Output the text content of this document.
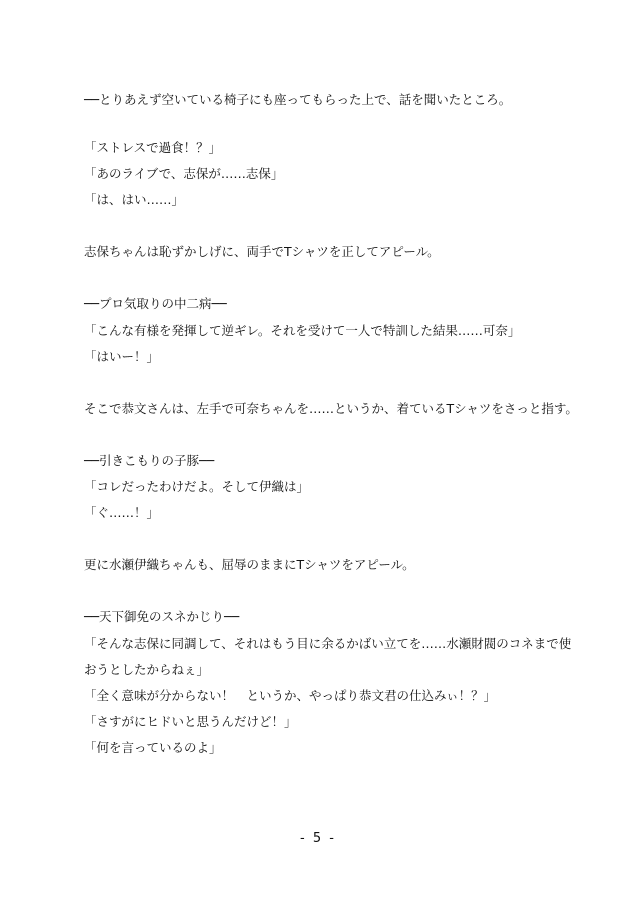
──とりあえず空いている椅子にも座ってもらった上で、話を聞いたところ。
「ストレスで過食！？」
「あのライブで、志保が……志保」
「は、はい……」
志保ちゃんは恥ずかしげに、両手でTシャツを正してアピール。
──プロ気取りの中二病──
「こんな有様を発揮して逆ギレ。それを受けて一人で特訓した結果……可奈」
「はいー！」
そこで恭文さんは、左手で可奈ちゃんを……というか、着ているTシャツをさっと指す。
──引きこもりの子豚──
「コレだったわけだよ。そして伊織は」
「ぐ……！」
更に水瀬伊織ちゃんも、屈辱のままにTシャツをアピール。
──天下御免のスネかじり──
「そんな志保に同調して、それはもう目に余るかばい立てを……水瀬財閥のコネまで使
おうとしたからねぇ」
「全く意味が分からない！　というか、やっぱり恭文君の仕込みぃ！？」
「さすがにヒドいと思うんだけど！」
「何を言っているのよ」
- 5 -
